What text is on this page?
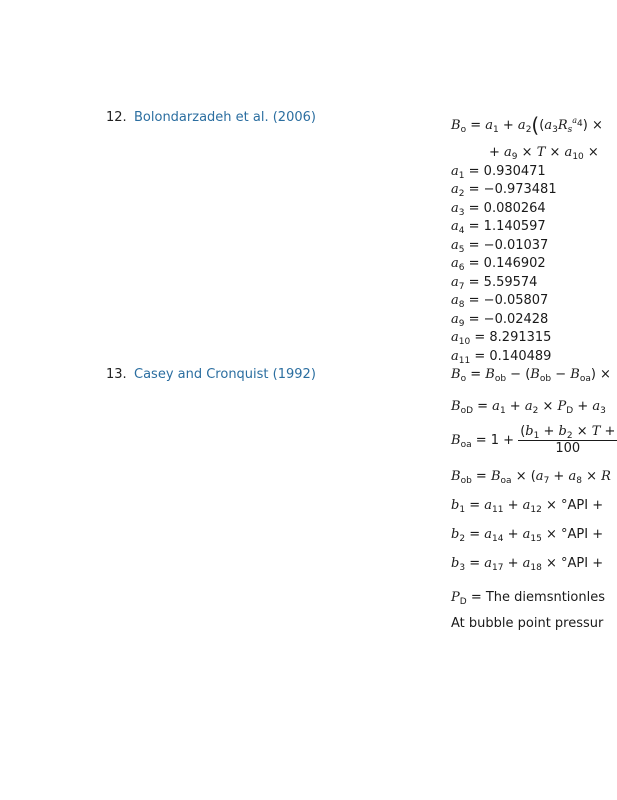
12. Bolondarzadeh et al. (2006)
13. Casey and Cronquist (1992)
$B_o = a_1 + a_2((a_3R_s^{a_4})$ ×
+ $a_9 \times T \times a_{10}$ ×
$a_1 = 0.930471$
$a_2 = -0.973481$
$a_3 = 0.080264$
$a_4 = 1.140597$
$a_5 = -0.01037$
$a_6 = 0.146902$
$a_7 = 5.59574$
$a_8 = -0.05807$
$a_9 = -0.02428$
$a_{10} = 8.291315$
$a_{11} = 0.140489$
$B_o = B_{ob} - (B_{ob} - B_{oa})$ ×
$B_{oD} = a_1 + a_2 \times P_D + a_3$
$B_{oa} = 1 + \frac{(b_1 + b_2 \times T +}{100}$
$B_{ob} = B_{oa} \times (a_7 + a_8 \times R$
$b_1 = a_{11} + a_{12} \times ^\circ API$ +
$b_2 = a_{14} + a_{15} \times ^\circ API$ +
$b_3 = a_{17} + a_{18} \times ^\circ API$ +
$P_D$ = The diemsntionles
At bubble point pressur
